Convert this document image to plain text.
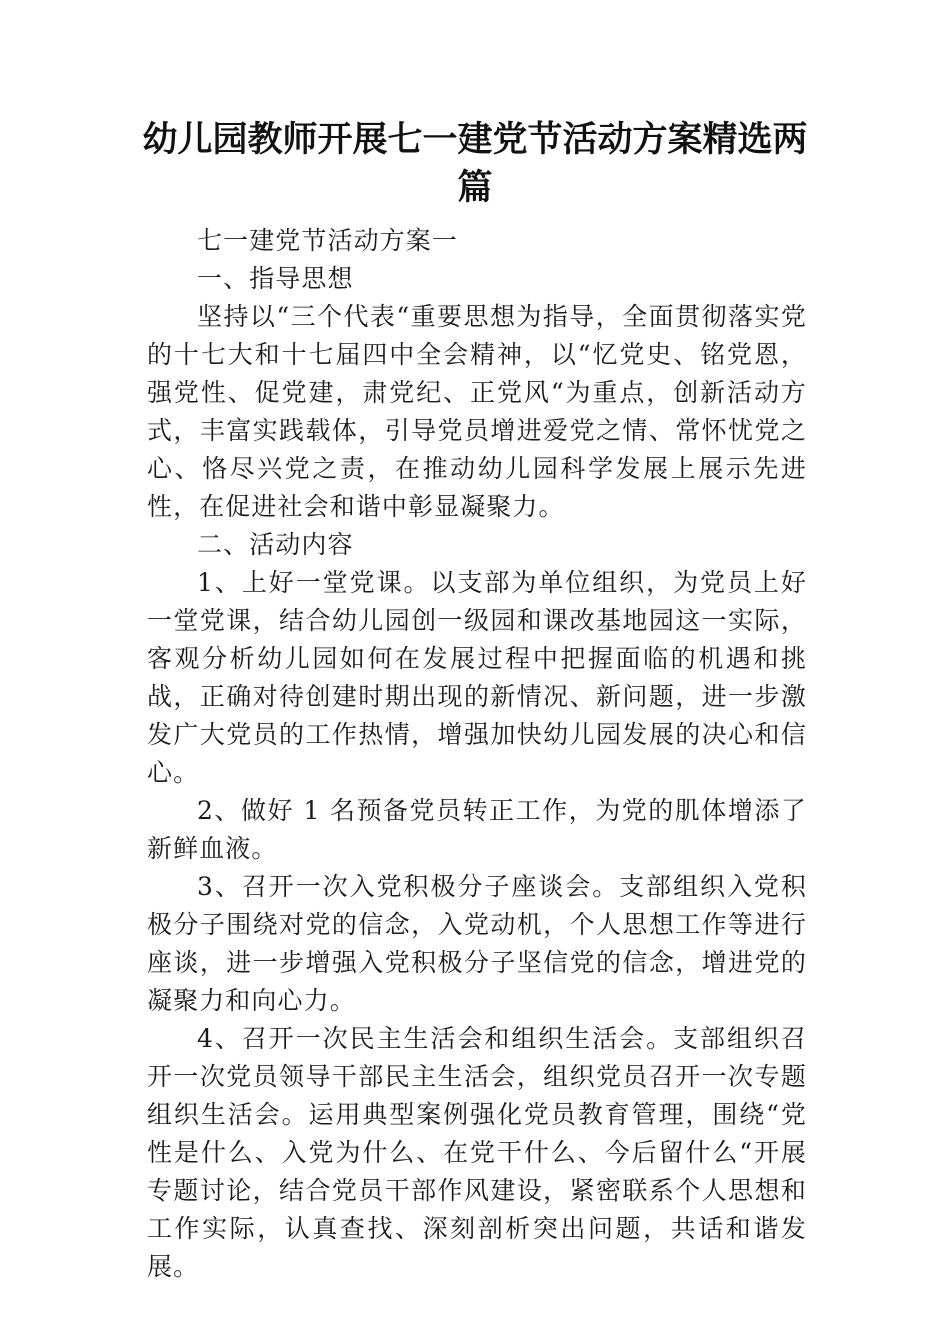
幼儿园教师开展七一建党节活动方案精选两篇

七一建党节活动方案一

一、指导思想

坚持以“三个代表“重要思想为指导，全面贯彻落实党的十七大和十七届四中全会精神，以“忆党史、铭党恩，强党性、促党建，肃党纪、正党风“为重点，创新活动方式，丰富实践载体，引导党员增进爱党之情、常怀忧党之心、恪尽兴党之责，在推动幼儿园科学发展上展示先进性，在促进社会和谐中彰显凝聚力。

二、活动内容

1、上好一堂党课。以支部为单位组织，为党员上好一堂党课，结合幼儿园创一级园和课改基地园这一实际，客观分析幼儿园如何在发展过程中把握面临的机遇和挑战，正确对待创建时期出现的新情况、新问题，进一步激发广大党员的工作热情，增强加快幼儿园发展的决心和信心。

2、做好 1 名预备党员转正工作，为党的肌体增添了新鲜血液。

3、召开一次入党积极分子座谈会。支部组织入党积极分子围绕对党的信念，入党动机，个人思想工作等进行座谈，进一步增强入党积极分子坚信党的信念，增进党的凝聚力和向心力。

4、召开一次民主生活会和组织生活会。支部组织召开一次党员领导干部民主生活会，组织党员召开一次专题组织生活会。运用典型案例强化党员教育管理，围绕“党性是什么、入党为什么、在党干什么、今后留什么“开展专题讨论，结合党员干部作风建设，紧密联系个人思想和工作实际，认真查找、深刻剖析突出问题，共话和谐发展。
